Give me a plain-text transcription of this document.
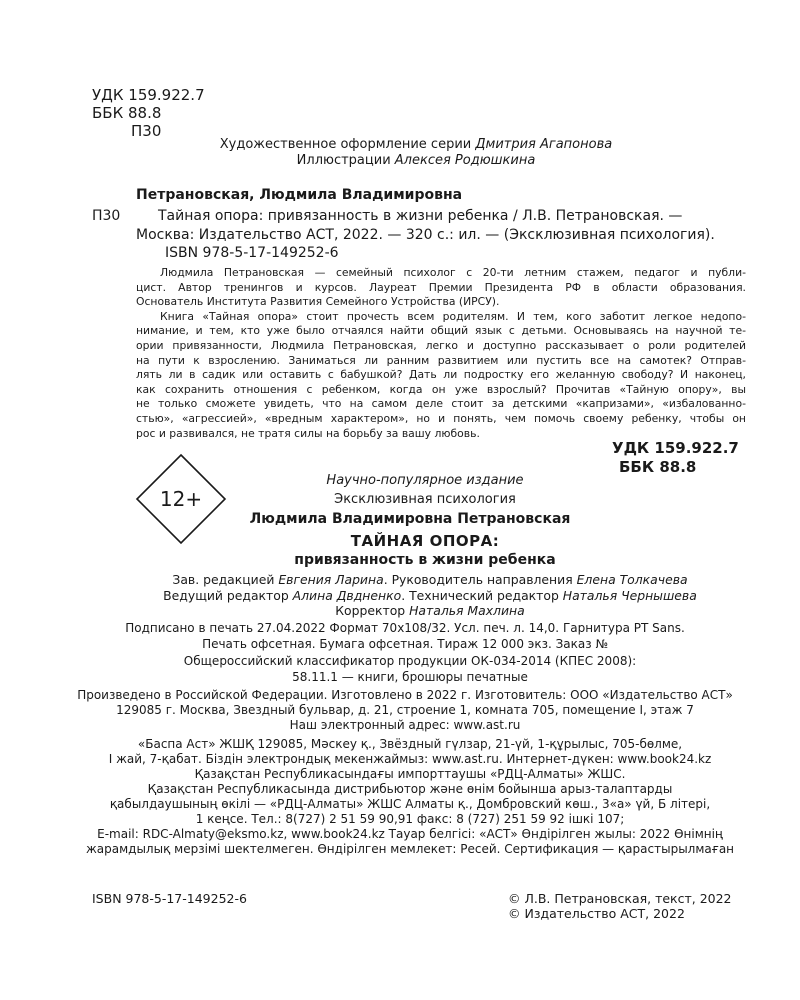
УДК 159.922.7
ББК 88.8
П30
Художественное оформление серии Дмитрия Агапонова
Иллюстрации Алексея Родюшкина
Петрановская, Людмила Владимировна
П30	Тайная опора: привязанность в жизни ребенка / Л.В. Петрановская. —
Москва: Издательство АСТ, 2022. — 320 с.: ил. — (Эксклюзивная психология).
ISBN 978-5-17-149252-6
Людмила Петрановская — семейный психолог с 20-ти летним стажем, педагог и публи-
цист. Автор тренингов и курсов. Лауреат Премии Президента РФ в области образования.
Основатель Института Развития Семейного Устройства (ИРСУ).
Книга «Тайная опора» стоит прочесть всем родителям. И тем, кого заботит легкое недопо-
нимание, и тем, кто уже было отчаялся найти общий язык с детьми. Основываясь на научной те-
ории привязанности, Людмила Петрановская, легко и доступно рассказывает о роли родителей
на пути к взрослению. Заниматься ли ранним развитием или пустить все на самотек? Отправ-
лять ли в садик или оставить с бабушкой? Дать ли подростку его желанную свободу? И наконец,
как сохранить отношения с ребенком, когда он уже взрослый? Прочитав «Тайную опору», вы
не только сможете увидеть, что на самом деле стоит за детскими «капризами», «избалованно-
стью», «агрессией», «вредным характером», но и понять, чем помочь своему ребенку, чтобы он
рос и развивался, не тратя силы на борьбу за вашу любовь.
УДК 159.922.7
ББК 88.8
12+
Научно-популярное издание
Эксклюзивная психология
Людмила Владимировна Петрановская
ТАЙНАЯ ОПОРА:
привязанность в жизни ребенка
Зав. редакцией Евгения Ларина. Руководитель направления Елена Толкачева
Ведущий редактор Алина Двдненко. Технический редактор Наталья Чернышева
Корректор Наталья Махлина
Подписано в печать 27.04.2022 Формат 70х108/32. Усл. печ. л. 14,0. Гарнитура PT Sans.
Печать офсетная. Бумага офсетная. Тираж 12 000 экз. Заказ №
Общероссийский классификатор продукции ОК-034-2014 (КПЕС 2008):
58.11.1 — книги, брошюры печатные
Произведено в Российской Федерации. Изготовлено в 2022 г. Изготовитель: ООО «Издательство АСТ»
129085 г. Москва, Звездный бульвар, д. 21, строение 1, комната 705, помещение I, этаж 7
Наш электронный адрес: www.ast.ru
«Баспа Аст» ЖШҚ 129085, Мәскеу қ., Звёздный гүлзар, 21-үй, 1-құрылыс, 705-бөлме,
I жай, 7-қабат. Біздін электрондық мекенжаймыз: www.ast.ru. Интернет-дүкен: www.book24.kz
Қазақстан Республикасындағы импорттаушы «РДЦ-Алматы» ЖШС.
Қазақстан Республикасында дистрибьютор және өнім бойынша арыз-талаптарды
қабылдаушының өкілі — «РДЦ-Алматы» ЖШС Алматы қ., Домбровский көш., 3«а» үй, Б літері,
1 кеңсе. Тел.: 8(727) 2 51 59 90,91 факс: 8 (727) 251 59 92 ішкі 107;
E-mail: RDC-Almaty@eksmo.kz, www.book24.kz Тауар белгісі: «АСТ» Өндірілген жылы: 2022 Өнімнің
жарамдылық мерзімі шектелмеген. Өндірілген мемлекет: Ресей. Сертификация — қарастырылмаған
ISBN 978-5-17-149252-6	© Л.В. Петрановская, текст, 2022
© Издательство АСТ, 2022
